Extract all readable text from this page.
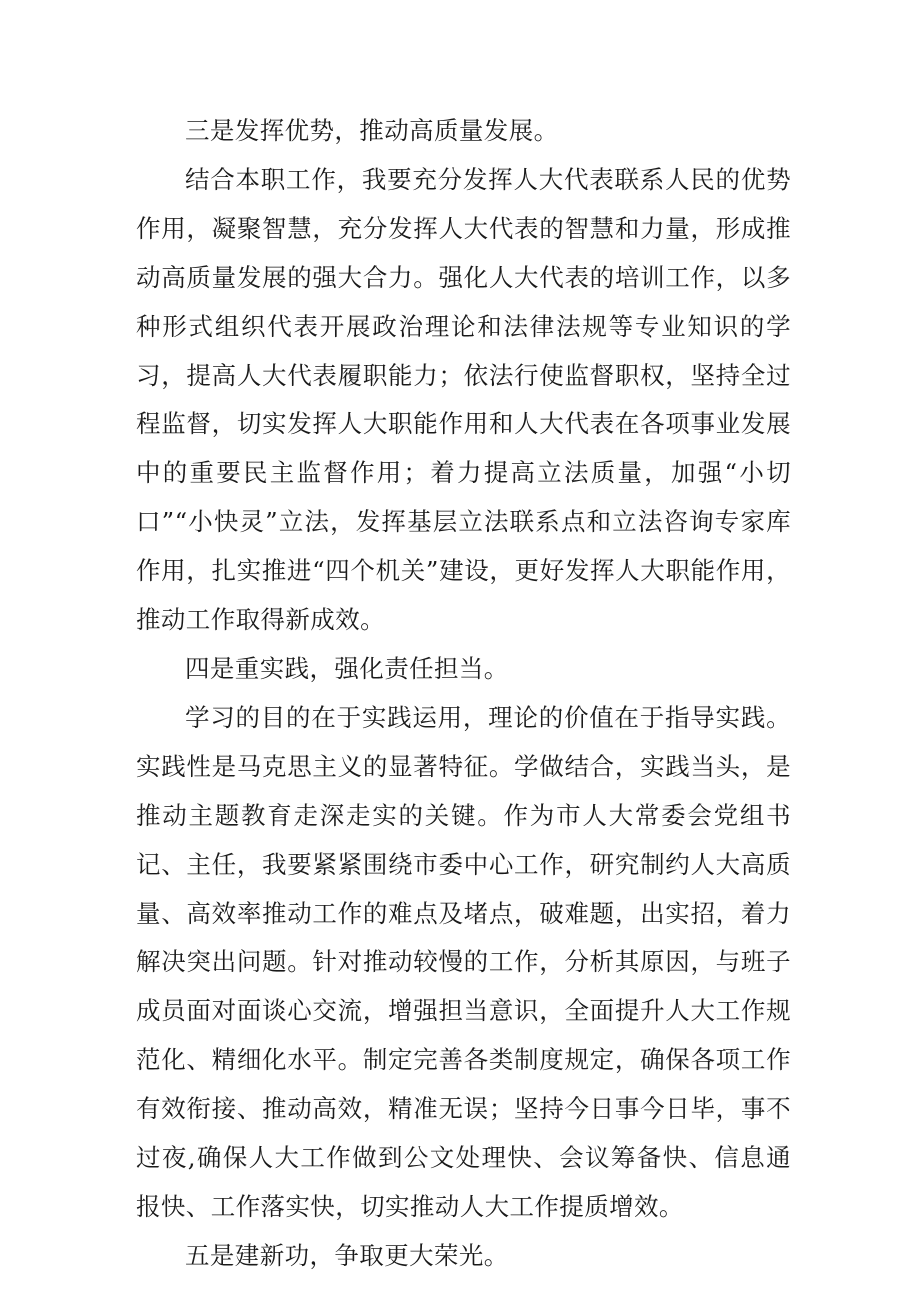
三是发挥优势，推动高质量发展。

结合本职工作，我要充分发挥人大代表联系人民的优势作用，凝聚智慧，充分发挥人大代表的智慧和力量，形成推动高质量发展的强大合力。强化人大代表的培训工作，以多种形式组织代表开展政治理论和法律法规等专业知识的学习，提高人大代表履职能力；依法行使监督职权，坚持全过程监督，切实发挥人大职能作用和人大代表在各项事业发展中的重要民主监督作用；着力提高立法质量，加强“小切口”“小快灵”立法，发挥基层立法联系点和立法咨询专家库作用，扎实推进“四个机关”建设，更好发挥人大职能作用，推动工作取得新成效。

四是重实践，强化责任担当。

学习的目的在于实践运用，理论的价值在于指导实践。实践性是马克思主义的显著特征。学做结合，实践当头，是推动主题教育走深走实的关键。作为市人大常委会党组书记、主任，我要紧紧围绕市委中心工作，研究制约人大高质量、高效率推动工作的难点及堵点，破难题，出实招，着力解决突出问题。针对推动较慢的工作，分析其原因，与班子成员面对面谈心交流，增强担当意识，全面提升人大工作规范化、精细化水平。制定完善各类制度规定，确保各项工作有效衔接、推动高效，精准无误；坚持今日事今日毕，事不过夜,确保人大工作做到公文处理快、会议筹备快、信息通报快、工作落实快，切实推动人大工作提质增效。

五是建新功，争取更大荣光。
